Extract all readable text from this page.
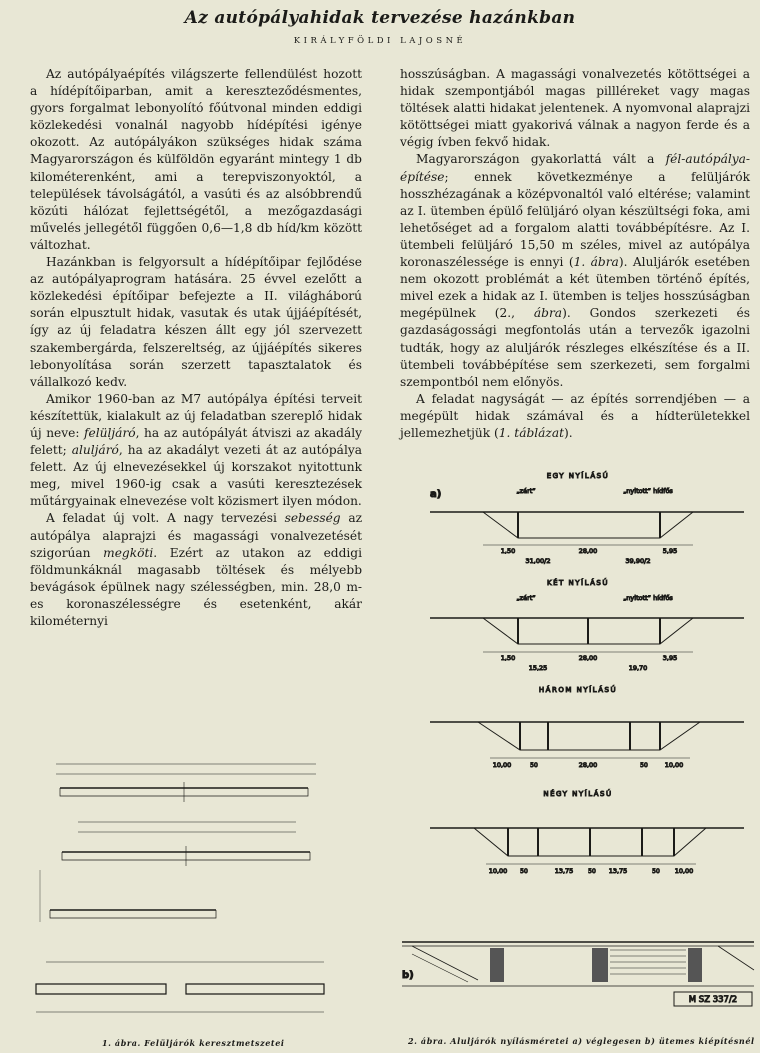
Az autópályahidak tervezése hazánkban
KIRÁLYFÖLDI LAJOSNÉ

Az autópályaépítés világszerte fellendülést hozott a hídépítőiparban, amit a kereszteződésmentes, gyors forgalmat lebonyolító főútvonal minden eddigi közlekedési vonalnál nagyobb hídépítési igénye okozott. Az autópályákon szükséges hidak száma Magyarországon és külföldön egyaránt mintegy 1 db kilométerenként, ami a terepviszonyoktól, a települések távolságától, a vasúti és az alsóbbrendű közúti hálózat fejlettségétől, a mezőgazdasági művelés jellegétől függően 0,6—1,8 db híd/km között változhat.

Hazánkban is felgyorsult a hídépítőipar fejlődése az autópályaprogram hatására. 25 évvel ezelőtt a közlekedési építőipar befejezte a II. világháború során elpusztult hidak, vasutak és utak újjáépítését, így az új feladatra készen állt egy jól szervezett szakembergárda, felszereltség, az újjáépítés sikeres lebonyolítása során szerzett tapasztalatok és vállalkozó kedv.

Amikor 1960-ban az M7 autópálya építési terveit készítettük, kialakult az új feladatban szereplő hidak új neve: felüljáró, ha az autópályát átviszi az akadály felett; aluljáró, ha az akadályt vezeti át az autópálya felett. Az új elnevezésekkel új korszakot nyitottunk meg, mivel 1960-ig csak a vasúti keresztezések műtárgyainak elnevezése volt közismert ilyen módon.

A feladat új volt. A nagy tervezési sebesség az autópálya alaprajzi és magassági vonalvezetését szigorúan megköti. Ezért az utakon az eddigi földmunkáknál magasabb töltések és mélyebb bevágások épülnek nagy szélességben, min. 28,0 m-es koronaszélességre és esetenként, akár kilométernyi

hosszúságban. A magassági vonalvezetés kötöttségei a hidak szempontjából magas pillléreket vagy magas töltések alatti hidakat jelentenek. A nyomvonal alaprajzi kötöttségei miatt gyakorivá válnak a nagyon ferde és a végig ívben fekvő hidak.

Magyarországon gyakorlattá vált a fél-autópálya-építése; ennek következménye a felüljárók hosszhézagának a középvonaltól való eltérése; valamint az I. ütemben épülő felüljáró olyan készültségi foka, ami lehetőséget ad a forgalom alatti továbbépítésre. Az I. ütembeli felüljáró 15,50 m széles, mivel az autópálya koronaszélessége is ennyi (1. ábra). Aluljárók esetében nem okozott problémát a két ütemben történő építés, mivel ezek a hidak az I. ütemben is teljes hosszúságban megépülnek (2., ábra). Gondos szerkezeti és gazdaságossági megfontolás után a tervezők igazolni tudták, hogy az aluljárók részleges elkészítése és a II. ütembeli továbbépítése sem szerkezeti, sem forgalmi szempontból nem előnyös.

A feladat nagyságát — az építés sorrendjében — a megépült hidak számával és a hídterületekkel jellemezhetjük (1. táblázat).

a)
EGY NYÍLÁSÚ
„zárt”	„nyitott” hídfős
1,50	28,00	5,95
31,00/2	39,90/2
KÉT NYÍLÁSÚ
„zárt”	„nyitott” hídfős
1,50	28,00	3,95
15,25	19,70
HÁROM NYÍLÁSÚ
10,00	50	28,00	50	10,00
NÉGY NYÍLÁSÚ
10,00 50	13,75 50 13,75	50 10,00
b)
M SZ 337/2
1. ábra. Felüljárók keresztmetszetei	2. ábra. Aluljárók nyílásméretei a) véglegesen b) ütemes kiépítésnél
